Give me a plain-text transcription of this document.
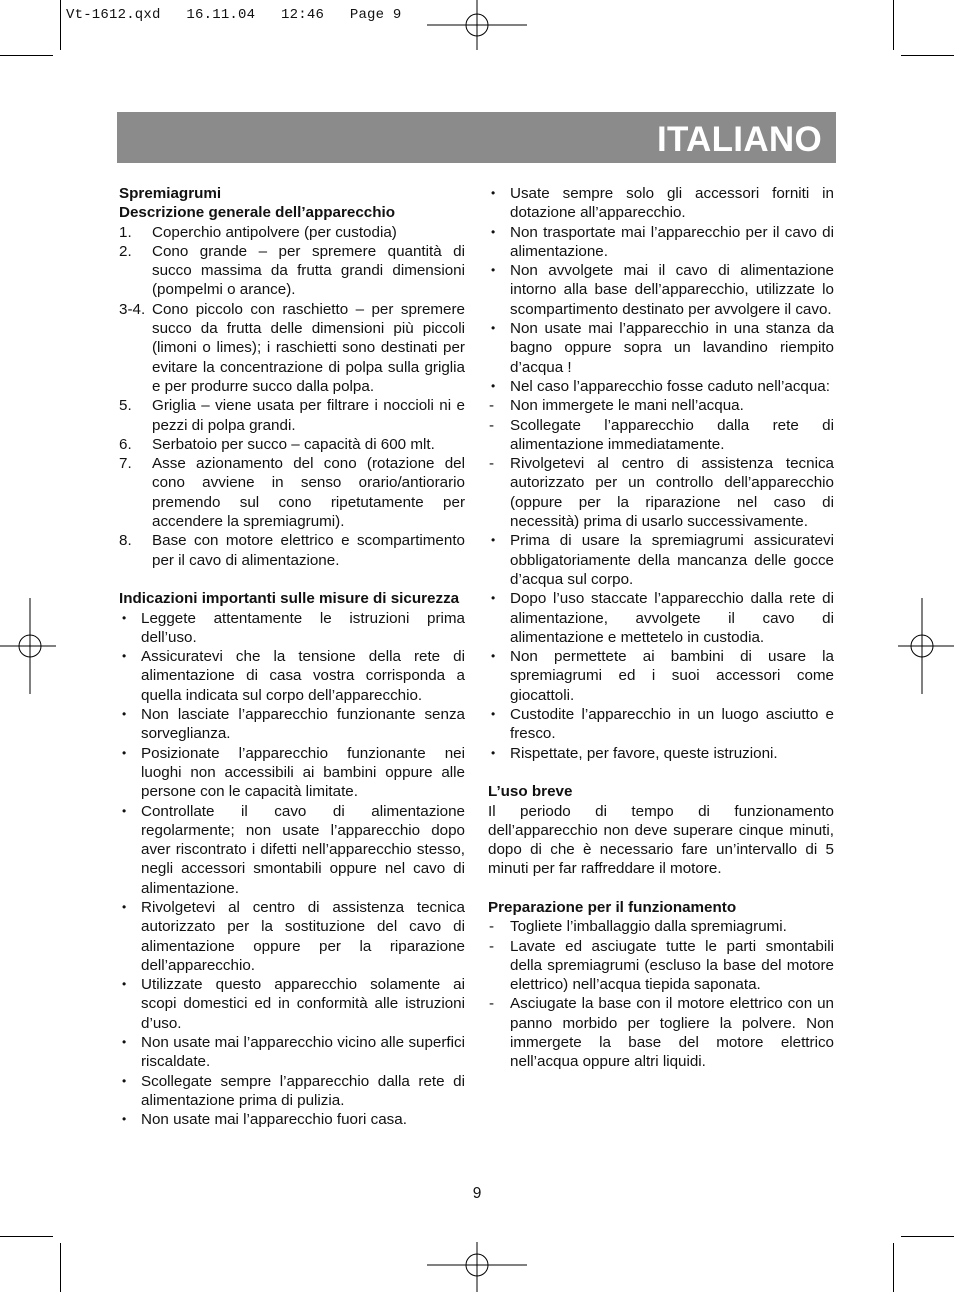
Vt-1612.qxd   16.11.04   12:46   Page 9
ITALIANO
Spremiagrumi
Descrizione generale dell’apparecchio
1. Coperchio antipolvere (per custodia)
2. Cono grande – per spremere quantità di succo massima da frutta grandi dimensioni (pompelmi o arance).
3-4. Cono piccolo con raschietto – per spremere succo da frutta delle dimensioni più piccoli (limoni o limes); i raschietti sono destinati per evitare la concentrazione di polpa sulla griglia e per produrre succo dalla polpa.
5. Griglia – viene usata per filtrare i noccioli ni e pezzi di polpa grandi.
6. Serbatoio per succo – capacità di 600 mlt.
7. Asse azionamento del cono (rotazione del cono avviene in senso orario/antiorario premendo sul cono ripetutamente per accendere la spremiagrumi).
8. Base con motore elettrico e scompartimento per il cavo di alimentazione.
Indicazioni importanti sulle misure di sicurezza
• Leggete attentamente le istruzioni prima dell’uso.
• Assicuratevi che la tensione della rete di alimentazione di casa vostra corrisponda a quella indicata sul corpo dell’apparecchio.
• Non lasciate l’apparecchio funzionante senza sorveglianza.
• Posizionate l’apparecchio funzionante nei luoghi non accessibili ai bambini oppure alle persone con le capacità limitate.
• Controllate il cavo di alimentazione regolarmente; non usate l’apparecchio dopo aver riscontrato i difetti nell’apparecchio stesso, negli accessori smontabili oppure nel cavo di alimentazione.
• Rivolgetevi al centro di assistenza tecnica autorizzato per la sostituzione del cavo di alimentazione oppure per la riparazione dell’apparecchio.
• Utilizzate questo apparecchio solamente ai scopi domestici ed in conformità alle istruzioni d’uso.
• Non usate mai l’apparecchio vicino alle superfici riscaldate.
• Scollegate sempre l’apparecchio dalla rete di alimentazione prima di pulizia.
• Non usate mai l’apparecchio fuori casa.
• Usate sempre solo gli accessori forniti in dotazione all’apparecchio.
• Non trasportate mai l’apparecchio per il cavo di alimentazione.
• Non avvolgete mai il cavo di alimentazione intorno alla base dell’apparecchio, utilizzate lo scompartimento destinato per avvolgere il cavo.
• Non usate mai l’apparecchio in una stanza da bagno oppure sopra un lavandino riempito d’acqua !
• Nel caso l’apparecchio fosse caduto nell’acqua:
- Non immergete le mani nell’acqua.
- Scollegate l’apparecchio dalla rete di alimentazione immediatamente.
- Rivolgetevi al centro di assistenza tecnica autorizzato per un controllo dell’apparecchio (oppure per la riparazione nel caso di necessità) prima di usarlo successivamente.
• Prima di usare la spremiagrumi assicuratevi obbligatoriamente della mancanza delle gocce d’acqua sul corpo.
• Dopo l’uso staccate l’apparecchio dalla rete di alimentazione, avvolgete il cavo di alimentazione e mettetelo in custodia.
• Non permettete ai bambini di usare la spremiagrumi ed i suoi accessori come giocattoli.
• Custodite l’apparecchio in un luogo asciutto e fresco.
• Rispettate, per favore, queste istruzioni.
L’uso breve
Il periodo di tempo di funzionamento dell’apparecchio non deve superare cinque minuti, dopo di che è necessario fare un’intervallo di 5 minuti per far raffreddare il motore.
Preparazione per il funzionamento
- Togliete l’imballaggio dalla spremiagrumi.
- Lavate ed asciugate tutte le parti smontabili della spremiagrumi (escluso la base del motore elettrico) nell’acqua tiepida saponata.
- Asciugate la base con il motore elettrico con un panno morbido per togliere la polvere. Non immergete la base del motore elettrico nell’acqua oppure altri liquidi.
9
